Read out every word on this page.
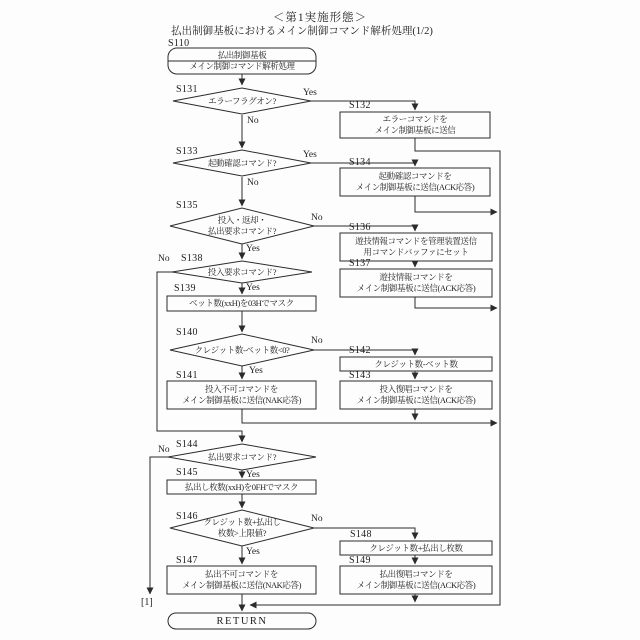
＜第1実施形態＞
払出制御基板におけるメイン制御コマンド解析処理(1/2)
S110
S131
S132
S133
S134
S135
S136
S137
S138
S139
S140
S141
S142
S143
S144
S145
S146
S147
S148
S149
払出制御基板
メイン制御コマンド解析処理
エラーフラグオン?
起動確認コマンド?
投入・返却・
払出要求コマンド?
投入要求コマンド?
クレジット数-ベット数<0?
払出要求コマンド?
クレジット数+払出し
枚数>上限値?
エラーコマンドを
メイン制御基板に送信
起動確認コマンドを
メイン制御基板に送信(ACK応答)
遊技情報コマンドを管理装置送信
用コマンドバッファにセット
遊技情報コマンドを
メイン制御基板に送信(ACK応答)
ベット数(xxH)を03Hでマスク
投入不可コマンドを
メイン制御基板に送信(NAK応答)
クレジット数-ベット数
投入復唱コマンドを
メイン制御基板に送信(ACK応答)
払出し枚数(xxH)を0FHでマスク
払出不可コマンドを
メイン制御基板に送信(NAK応答)
クレジット数+払出し枚数
払出復唱コマンドを
メイン制御基板に送信(ACK応答)
Yes
No
Yes
No
No
Yes
No
Yes
No
Yes
No
Yes
No
Yes
[1]
RETURN
